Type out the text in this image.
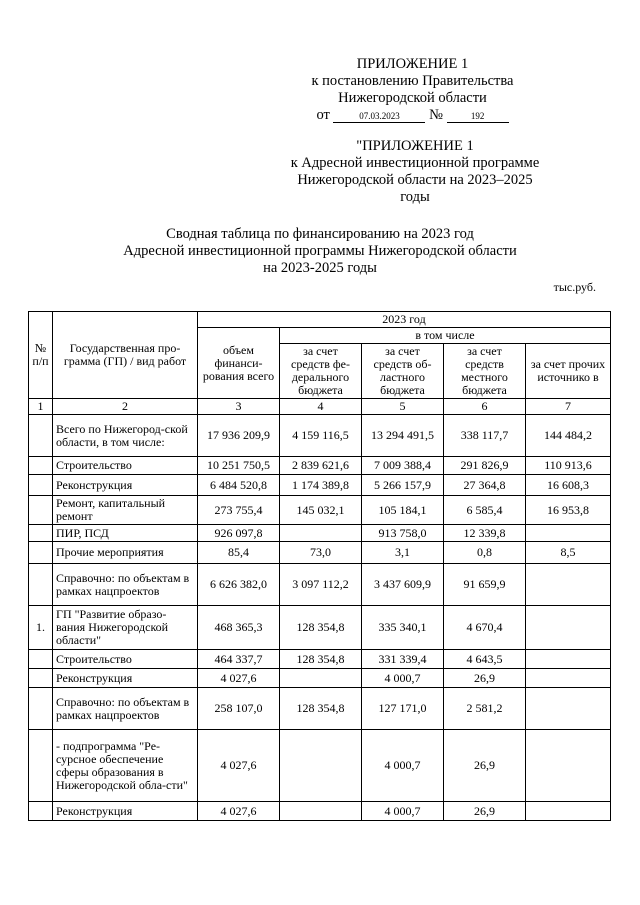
ПРИЛОЖЕНИЕ 1
к постановлению Правительства
Нижегородской области
от	07.03.2023 №	192
"ПРИЛОЖЕНИЕ 1
к Адресной инвестиционной программе
Нижегородской области на 2023–2025
годы
Сводная таблица по финансированию на 2023 год
Адресной инвестиционной программы Нижегородской области
на 2023-2025 годы
тыс.руб.
№ п/п	Государственная про-грамма (ГП) / вид работ	2023 год				
		объем финанси-рования всего	в том числе			
			за счет средств фе-дерального бюджета	за счет средств об-ластного бюджета	за счет средств местного бюджета	за счет прочих источнико в
1	2	3	4	5	6	7
	Всего по Нижегород-ской области, в том числе:	17 936 209,9	4 159 116,5	13 294 491,5	338 117,7	144 484,2
	Строительство	10 251 750,5	2 839 621,6	7 009 388,4	291 826,9	110 913,6
	Реконструкция	6 484 520,8	1 174 389,8	5 266 157,9	27 364,8	16 608,3
	Ремонт, капитальный ремонт	273 755,4	145 032,1	105 184,1	6 585,4	16 953,8
	ПИР, ПСД	926 097,8		913 758,0	12 339,8	
	Прочие мероприятия	85,4	73,0	3,1	0,8	8,5
	Справочно: по объектам в рамках нацпроектов	6 626 382,0	3 097 112,2	3 437 609,9	91 659,9	
1.	ГП "Развитие образо-вания Нижегородской области"	468 365,3	128 354,8	335 340,1	4 670,4	
	Строительство	464 337,7	128 354,8	331 339,4	4 643,5	
	Реконструкция	4 027,6		4 000,7	26,9	
	Справочно: по объектам в рамках нацпроектов	258 107,0	128 354,8	127 171,0	2 581,2	
	- подпрограмма "Ре-сурсное обеспечение сферы образования в Нижегородской обла-сти"	4 027,6		4 000,7	26,9	
	Реконструкция	4 027,6		4 000,7	26,9	
